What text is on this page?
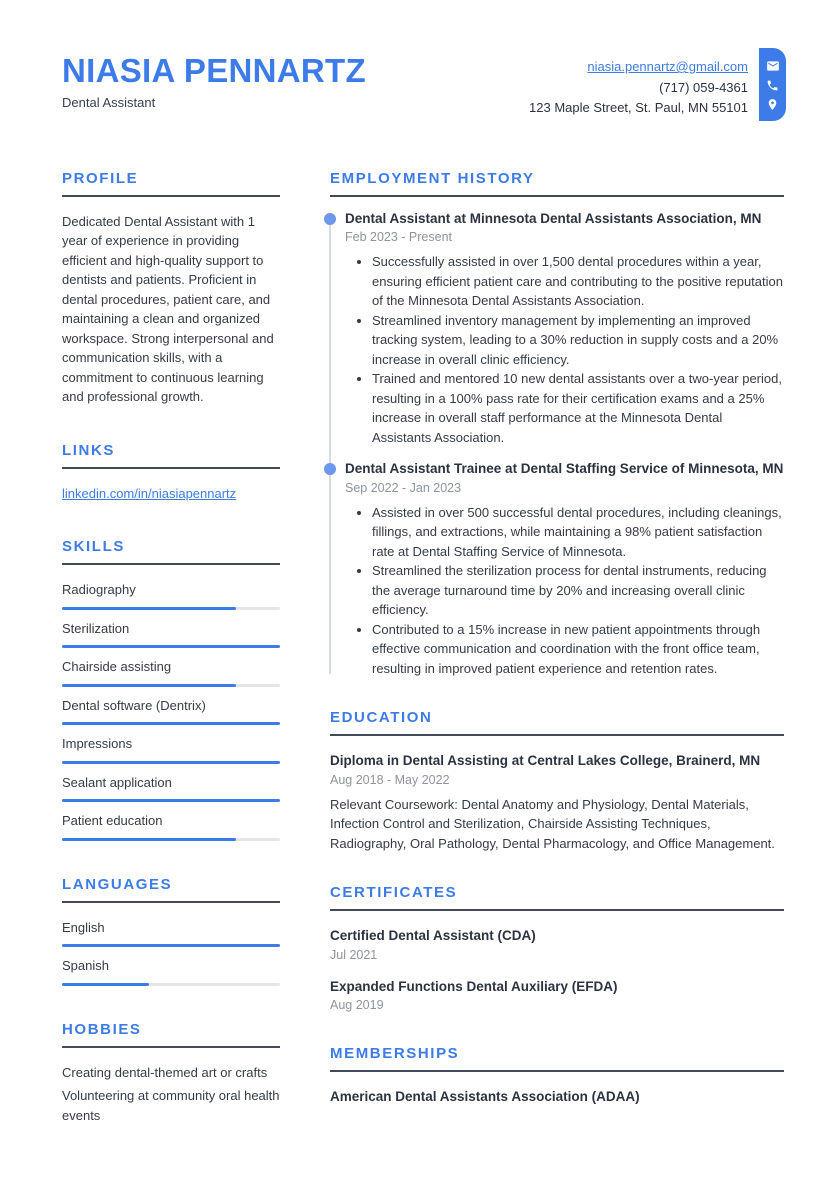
NIASIA PENNARTZ
Dental Assistant
niasia.pennartz@gmail.com
(717) 059-4361
123 Maple Street, St. Paul, MN 55101
PROFILE

Dedicated Dental Assistant with 1 year of experience in providing efficient and high-quality support to dentists and patients. Proficient in dental procedures, patient care, and maintaining a clean and organized workspace. Strong interpersonal and communication skills, with a commitment to continuous learning and professional growth.

LINKS
linkedin.com/in/niasiapennartz
SKILLS
Radiography
Sterilization
Chairside assisting
Dental software (Dentrix)
Impressions
Sealant application
Patient education
LANGUAGES
English
Spanish
HOBBIES

Creating dental-themed art or crafts

Volunteering at community oral health events

EMPLOYMENT HISTORY
Dental Assistant at Minnesota Dental Assistants Association, MN
Feb 2023 - Present
• Successfully assisted in over 1,500 dental procedures within a year, ensuring efficient patient care and contributing to the positive reputation of the Minnesota Dental Assistants Association.
• Streamlined inventory management by implementing an improved tracking system, leading to a 30% reduction in supply costs and a 20% increase in overall clinic efficiency.
• Trained and mentored 10 new dental assistants over a two-year period, resulting in a 100% pass rate for their certification exams and a 25% increase in overall staff performance at the Minnesota Dental Assistants Association.
Dental Assistant Trainee at Dental Staffing Service of Minnesota, MN
Sep 2022 - Jan 2023
• Assisted in over 500 successful dental procedures, including cleanings, fillings, and extractions, while maintaining a 98% patient satisfaction rate at Dental Staffing Service of Minnesota.
• Streamlined the sterilization process for dental instruments, reducing the average turnaround time by 20% and increasing overall clinic efficiency.
• Contributed to a 15% increase in new patient appointments through effective communication and coordination with the front office team, resulting in improved patient experience and retention rates.
EDUCATION
Diploma in Dental Assisting at Central Lakes College, Brainerd, MN
Aug 2018 - May 2022

Relevant Coursework: Dental Anatomy and Physiology, Dental Materials, Infection Control and Sterilization, Chairside Assisting Techniques, Radiography, Oral Pathology, Dental Pharmacology, and Office Management.

CERTIFICATES
Certified Dental Assistant (CDA)
Jul 2021
Expanded Functions Dental Auxiliary (EFDA)
Aug 2019
MEMBERSHIPS
American Dental Assistants Association (ADAA)
